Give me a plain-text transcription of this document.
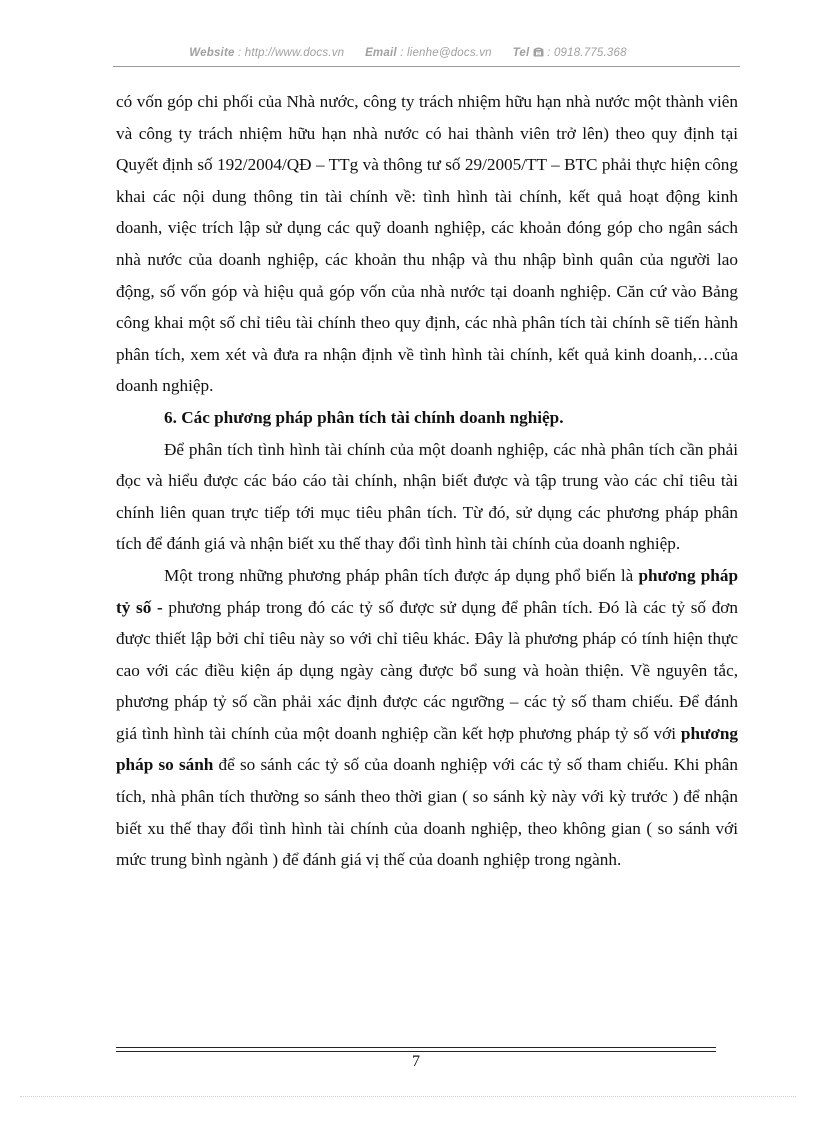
Website : http://www.docs.vn Email : lienhe@docs.vn Tel : 0918.775.368

có vốn góp chi phối của Nhà nước, công ty trách nhiệm hữu hạn nhà nước một thành viên và công ty trách nhiệm hữu hạn nhà nước có hai thành viên trở lên) theo quy định tại Quyết định số 192/2004/QĐ – TTg và thông tư số 29/2005/TT – BTC phải thực hiện công khai các nội dung thông tin tài chính về: tình hình tài chính, kết quả hoạt động kinh doanh, việc trích lập sử dụng các quỹ doanh nghiệp, các khoản đóng góp cho ngân sách nhà nước của doanh nghiệp, các khoản thu nhập và thu nhập bình quân của người lao động, số vốn góp và hiệu quả góp vốn của nhà nước tại doanh nghiệp. Căn cứ vào Bảng công khai một số chỉ tiêu tài chính theo quy định, các nhà phân tích tài chính sẽ tiến hành phân tích, xem xét và đưa ra nhận định về tình hình tài chính, kết quả kinh doanh,…của doanh nghiệp.

6. Các phương pháp phân tích tài chính doanh nghiệp.

Để phân tích tình hình tài chính của một doanh nghiệp, các nhà phân tích cần phải đọc và hiểu được các báo cáo tài chính, nhận biết được và tập trung vào các chỉ tiêu tài chính liên quan trực tiếp tới mục tiêu phân tích. Từ đó, sử dụng các phương pháp phân tích để đánh giá và nhận biết xu thế thay đổi tình hình tài chính của doanh nghiệp.

Một trong những phương pháp phân tích được áp dụng phổ biến là phương pháp tỷ số - phương pháp trong đó các tỷ số được sử dụng để phân tích. Đó là các tỷ số đơn được thiết lập bởi chỉ tiêu này so với chỉ tiêu khác. Đây là phương pháp có tính hiện thực cao với các điều kiện áp dụng ngày càng được bổ sung và hoàn thiện. Về nguyên tắc, phương pháp tỷ số cần phải xác định được các ngưỡng – các tỷ số tham chiếu. Để đánh giá tình hình tài chính của một doanh nghiệp cần kết hợp phương pháp tỷ số với phương pháp so sánh để so sánh các tỷ số của doanh nghiệp với các tỷ số tham chiếu. Khi phân tích, nhà phân tích thường so sánh theo thời gian ( so sánh kỳ này với kỳ trước ) để nhận biết xu thế thay đổi tình hình tài chính của doanh nghiệp, theo không gian ( so sánh với mức trung bình ngành ) để đánh giá vị thế của doanh nghiệp trong ngành.

7
